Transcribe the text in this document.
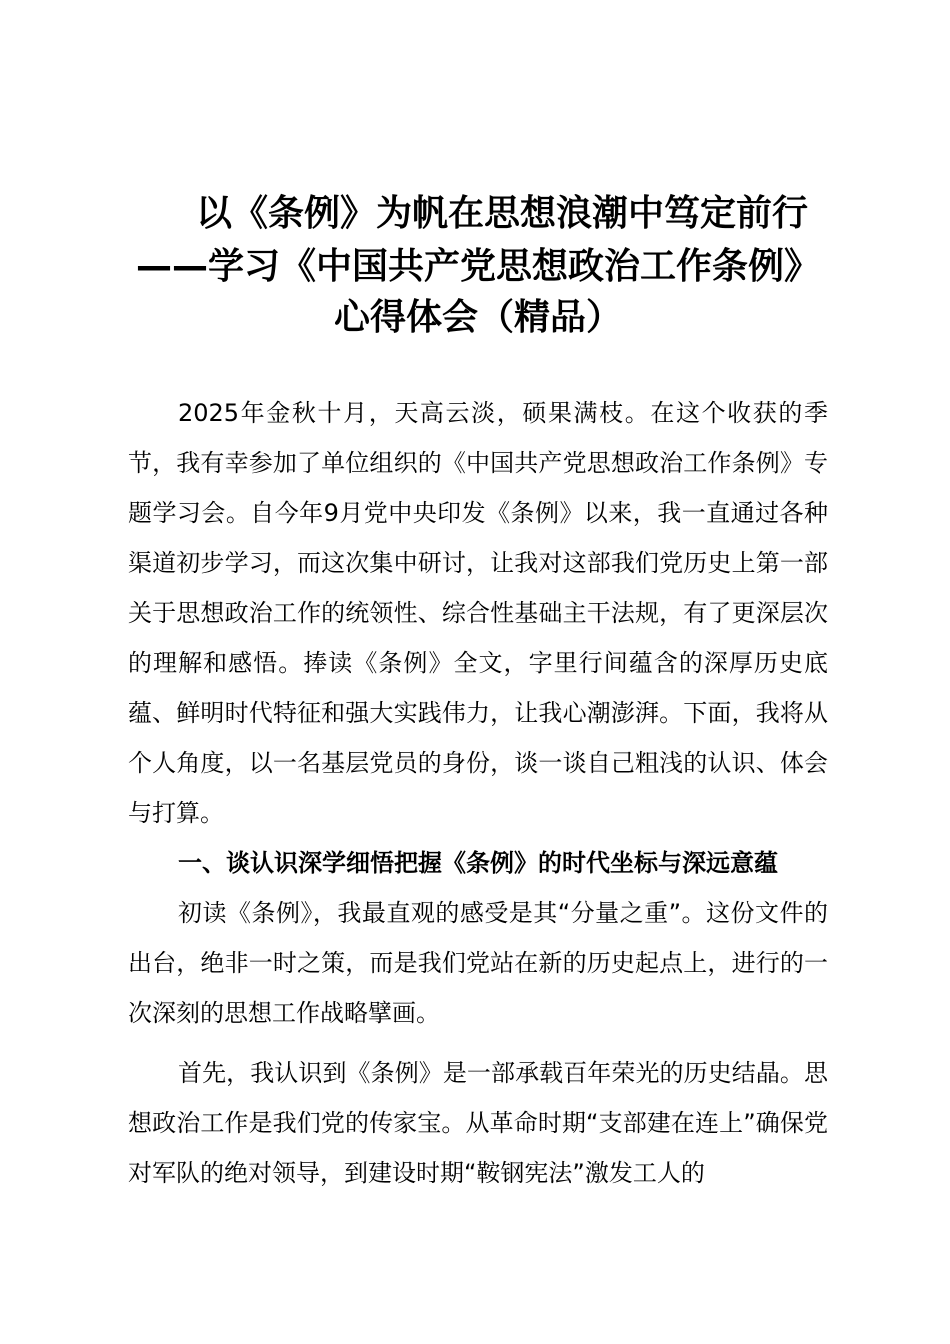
以《条例》为帆在思想浪潮中笃定前行
——学习《中国共产党思想政治工作条例》
心得体会（精品）

2025年金秋十月，天高云淡，硕果满枝。在这个收获的季节，我有幸参加了单位组织的《中国共产党思想政治工作条例》专题学习会。自今年9月党中央印发《条例》以来，我一直通过各种渠道初步学习，而这次集中研讨，让我对这部我们党历史上第一部关于思想政治工作的统领性、综合性基础主干法规，有了更深层次的理解和感悟。捧读《条例》全文，字里行间蕴含的深厚历史底蕴、鲜明时代特征和强大实践伟力，让我心潮澎湃。下面，我将从个人角度，以一名基层党员的身份，谈一谈自己粗浅的认识、体会与打算。

一、谈认识深学细悟把握《条例》的时代坐标与深远意蕴

初读《条例》，我最直观的感受是其“分量之重”。这份文件的出台，绝非一时之策，而是我们党站在新的历史起点上，进行的一次深刻的思想工作战略擘画。

首先，我认识到《条例》是一部承载百年荣光的历史结晶。思想政治工作是我们党的传家宝。从革命时期“支部建在连上”确保党对军队的绝对领导，到建设时期“鞍钢宪法”激发工人的
